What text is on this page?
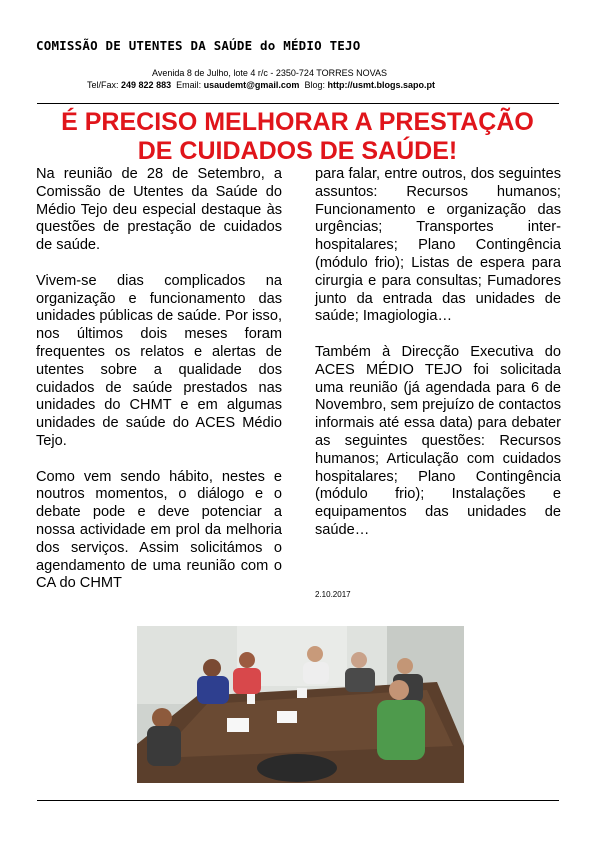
COMISSÃO DE UTENTES DA SAÚDE do MÉDIO TEJO
Avenida 8 de Julho, lote 4 r/c - 2350-724 TORRES NOVAS
Tel/Fax: 249 822 883 Email: usaudemt@gmail.com Blog: http://usmt.blogs.sapo.pt
É PRECISO MELHORAR A PRESTAÇÃO
DE CUIDADOS DE SAÚDE!

Na reunião de 28 de Setembro, a Comissão de Utentes da Saúde do Médio Tejo deu especial destaque às questões de prestação de cuidados de saúde.

Vivem-se dias complicados na organização e funcionamento das unidades públicas de saúde. Por isso, nos últimos dois meses foram frequentes os relatos e alertas de utentes sobre a qualidade dos cuidados de saúde prestados nas unidades do CHMT e em algumas unidades de saúde do ACES Médio Tejo.

Como vem sendo hábito, nestes e noutros momentos, o diálogo e o debate pode e deve potenciar a nossa actividade em prol da melhoria dos serviços. Assim solicitámos o agendamento de uma reunião com o CA do CHMT

para falar, entre outros, dos seguintes assuntos: Recursos humanos; Funcionamento e organização das urgências; Transportes inter-hospitalares; Plano Contingência (módulo frio); Listas de espera para cirurgia e para consultas; Fumadores junto da entrada das unidades de saúde; Imagiologia…

Também à Direcção Executiva do ACES MÉDIO TEJO foi solicitada uma reunião (já agendada para 6 de Novembro, sem prejuízo de contactos informais até essa data) para debater as seguintes questões: Recursos humanos; Articulação com cuidados hospitalares; Plano Contingência (módulo frio); Instalações e equipamentos das unidades de saúde…

2.10.2017
